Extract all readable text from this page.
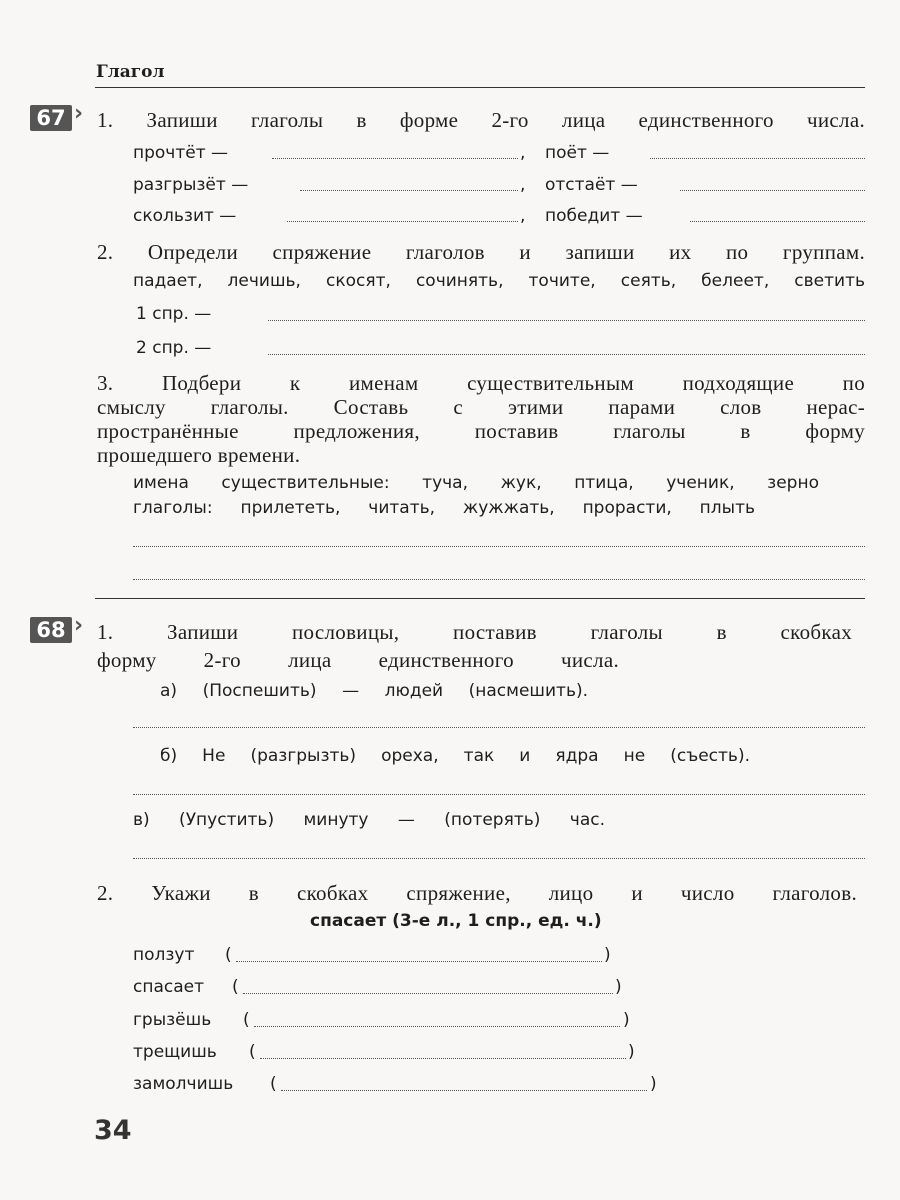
Глагол
67 › 1. Запиши глаголы в форме 2-го лица единственного числа.
прочтёт —	, поёт —
разгрызёт —	, отстаёт —
скользит —	, победит —
2. Определи спряжение глаголов и запиши их по группам.
падает, лечишь, скосят, сочинять, точите, сеять, белеет, светить
1 спр. —
2 спр. —
3. Подбери к именам существительным подходящие по
смыслу глаголы. Составь с этими парами слов нерас-
пространённые предложения, поставив глаголы в форму
прошедшего времени.
имена существительные: туча, жук, птица, ученик, зерно
глаголы: прилететь, читать, жужжать, прорасти, плыть
68 › 1. Запиши пословицы, поставив глаголы в скобках
форму 2-го лица единственного числа.
а) (Поспешить) — людей (насмешить).
б) Не (разгрызть) ореха, так и ядра не (съесть).
в) (Упустить) минуту — (потерять) час.
2. Укажи в скобках спряжение, лицо и число глаголов.
спасает (3-е л., 1 спр., ед. ч.)
ползут (	)
спасает (	)
грызёшь (	)
трещишь (	)
замолчишь (	)
34
